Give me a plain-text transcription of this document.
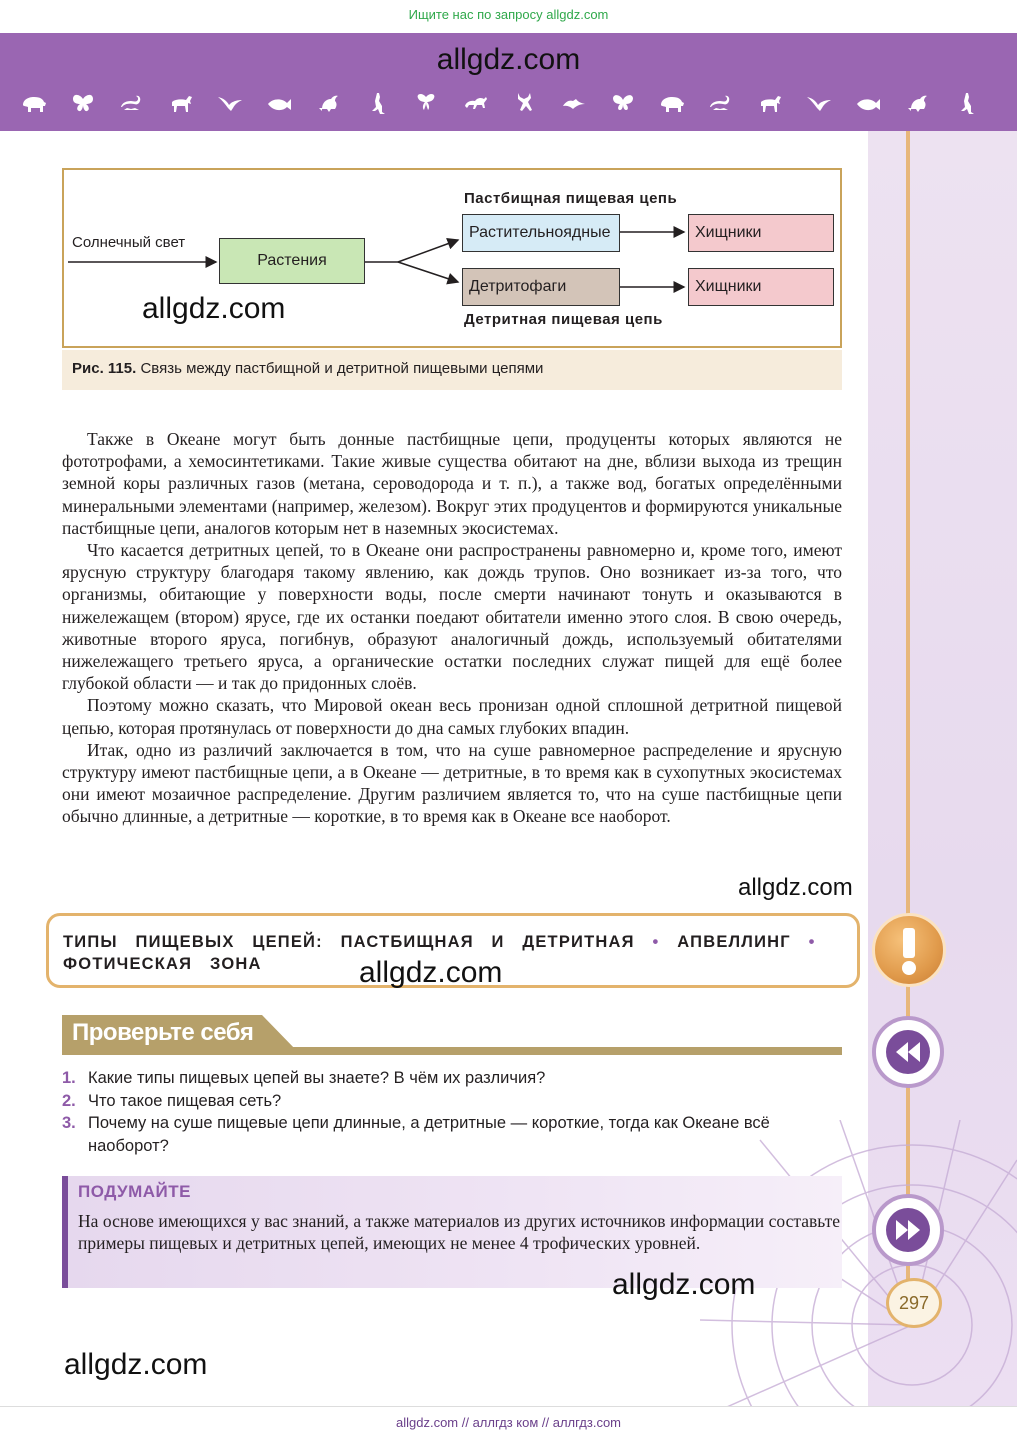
Ищите нас по запросу allgdz.com
allgdz.com
Пастбищная пищевая цепь
Солнечный свет
Растения
Растительноядные	Хищники
Детритофаги	Хищники
Детритная пищевая цепь
allgdz.com
Рис. 115. Связь между пастбищной и детритной пищевыми цепями

Также в Океане могут быть донные пастбищные цепи, продуценты которых являются не фототрофами, а хемосинтетиками. Такие живые существа обитают на дне, вблизи выхода из трещин земной коры различных газов (метана, сероводорода и т. п.), а также вод, богатых определёнными минеральными элементами (например, железом). Вокруг этих продуцентов и формируются уникальные пастбищные цепи, аналогов которым нет в наземных экосистемах.

Что касается детритных цепей, то в Океане они распространены равномерно и, кроме того, имеют ярусную структуру благодаря такому явлению, как дождь трупов. Оно возникает из-за того, что организмы, обитающие у поверхности воды, после смерти начинают тонуть и оказываются в нижележащем (втором) ярусе, где их останки поедают обитатели именно этого слоя. В свою очередь, животные второго яруса, погибнув, образуют аналогичный дождь, используемый обитателями нижележащего третьего яруса, а органические остатки последних служат пищей для ещё более глубокой области — и так до придонных слоёв.

Поэтому можно сказать, что Мировой океан весь пронизан одной сплошной детритной пищевой цепью, которая протянулась от поверхности до дна самых глубоких впадин.

Итак, одно из различий заключается в том, что на суше равномерное распределение и ярусную структуру имеют пастбищные цепи, а в Океане — детритные, в то время как в сухопутных экосистемах они имеют мозаичное распределение. Другим различием является то, что на суше пастбищные цепи обычно длинные, а детритные — короткие, в то время как в Океане все наоборот.

allgdz.com
ТИПЫ ПИЩЕВЫХ ЦЕПЕЙ: ПАСТБИЩНАЯ И ДЕТРИТНАЯ • АПВЕЛЛИНГ • ФОТИЧЕСКАЯ ЗОНА	allgdz.com
297
Проверьте себя
1. Какие типы пищевых цепей вы знаете? В чём их различия?
2. Что такое пищевая сеть?
3. Почему на суше пищевые цепи длинные, а детритные — короткие, тогда как Океане всё наоборот?
ПОДУМАЙТЕ
На основе имеющихся у вас знаний, а также материалов из других источников информации составьте примеры пищевых и детритных цепей, имеющих не менее 4 трофических уровней.
allgdz.com
allgdz.com
allgdz.com // аллгдз ком // аллгдз.com
